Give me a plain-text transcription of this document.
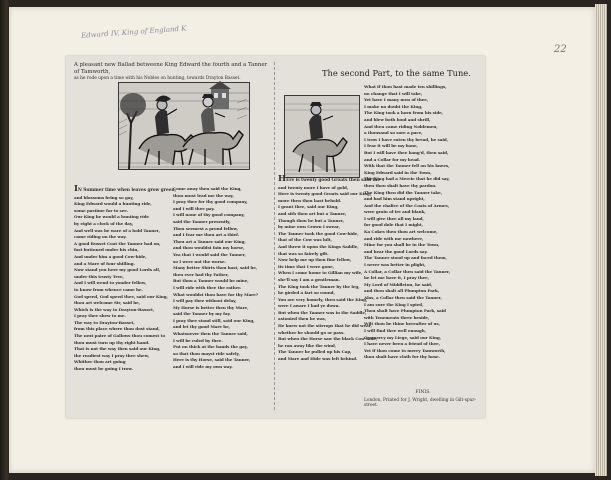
Edward IV, King of England K
22
A pleasant new Ballad betweene King Edward the fourth and a Tanner of Tamworth,
as he rode upon a time with his Nobles on hunting, towards Drayton Basset.

IN Summer time when leaves grow green,

and blossoms bring so gay,

King Edward would a hunting ride,

some pastime for to see.

Our King he would a hunting ride

by eight a clock of the day,

And well was he ware of a bold Tanner,

came riding on the way.

A good Russet Coat the Tanner had on,

fast buttoned under his chin,

And under him a good Cow-hide,

and a Mare of four shilling.

Now stand you here my good Lords all,

under this trusty Tree,

And I will wend to yonder fellow,

to know from whence came he.

God speed, God speed thee, said our King,

thou art welcome Sir, said he,

Which is the way to Drayton-Basset,

I pray thee shew to me.

The way to Drayton-Basset,

from this place where thou dost stand,

The next paire of Gallows thou comest to

thou must turn up thy right hand.

That is not the way then said our King,

the readiest way I pray thee shew,

Whither thou art going

thou must be going I trow.

Come away then said the King,

thou must lead me the way,

I pray thee for thy good company,

and I will thee pay.

I will none of thy good company,

said the Tanner presently,

Thou seemest a proud fellow,

and I fear me thou art a thief.

Thou art a Tanner said our King,

and thou wouldst fain my horse,

Yea that I would said the Tanner,

so I were not the worse.

Many better Shirts thou hast, said he,

then ever had thy Father,

But thou a Tanner would be mine,

I will ride with thee the rather.

What wouldst thou have for thy Mare?

I will pay thee without delay,

My Horse is better then thy Mare,

said the Tanner by my fay.

I pray thee stand still, said our King,

and let thy good Mare be,

Whatsoever then the Tanner said,

I will be ruled by thee.

Put on thick at the hands the gay,

so that thou mayst ride safely,

Here is thy Horse, said the Tanner,

and I will ride my own way.

The second Part, to the same Tune.

HEre is twenty good Groats then said the

and twenty more I have of gold,

Here is twenty good Groats said our King,

more then thou hast behold.

I grant thee, said our King,

and sith thou art but a Tanner,

Though thou be but a Tanner,

by mine own Crown I swear,

The Tanner took the good Cow-hide,

that of the Cow was hilt,

And threw it upon the Kings Saddle,

that was so fairely gilt.

Now help me up thou fine fellow,

tis time that I were gone,

When I come home to Gillian my wife,

she'll say I am a gentleman.

The King took the Tanner by the leg,

he girded a fart so round,

You are very homely, then said the King,

were I aware I had ye down.

But when the Tanner was in the Saddle,

astonied then he was,

He knew not the stirrops that he did wear,

whether he should go or pass.

But when the Horse saw the black Cow-hide,

he ran away like the wind,

The Tanner he pulled up his Cap,

and Mare and Hide was left behind.

What if thou hast made ten shillings,

no change that I will take,

Yet have I many men of thee,

I make no doubt the King,

The King took a horn from his side,

and blew both loud and shrill,

And then came riding Noblemen,

a thousand so sore a pace,

I trow I have eaten thy bread, he said,

I fear it will be my bane,

But I will have thee hang'd, then said,

and a Collar for my head.

With that the Tanner fell on his knees,

King Edward said in the Town,

The King had a Mercie that he did say,

then thou shalt have thy pardon.

The King then did the Tanner take,

and bad him stand upright,

And the chalice of the Coats of Armes,

were grain of ire and blank,

I will give thee all my land,

for good dole that I might,

Ka Cokes then thou art welcome,

and ride with me nowhere,

Mine for you shall be in the Town,

and hear the good Lords say.

The Tanner stood up and faced them,

I never was better in plight,

A Collar, a Collar then said the Tanner,

he let me have it, I pray thee,

My Lord of Middleton, he said,

and thou shalt all Plumpton Park,

Alas, a Collar then said the Tanner,

I am sure the King I spied,

Thou shalt have Plumpton Park, said

with Tenements three beside,

Wilt thou be thine hereafter of us,

I will find thee well enough,

Gramercy my Liege, said our King,

I have never been a friend of thee,

Yet if thou come to merry Tamworth,

thou shalt have cloth for thy hose.

FINIS.
London, Printed for J. Wright, dwelling in Gilt-spur-street.
